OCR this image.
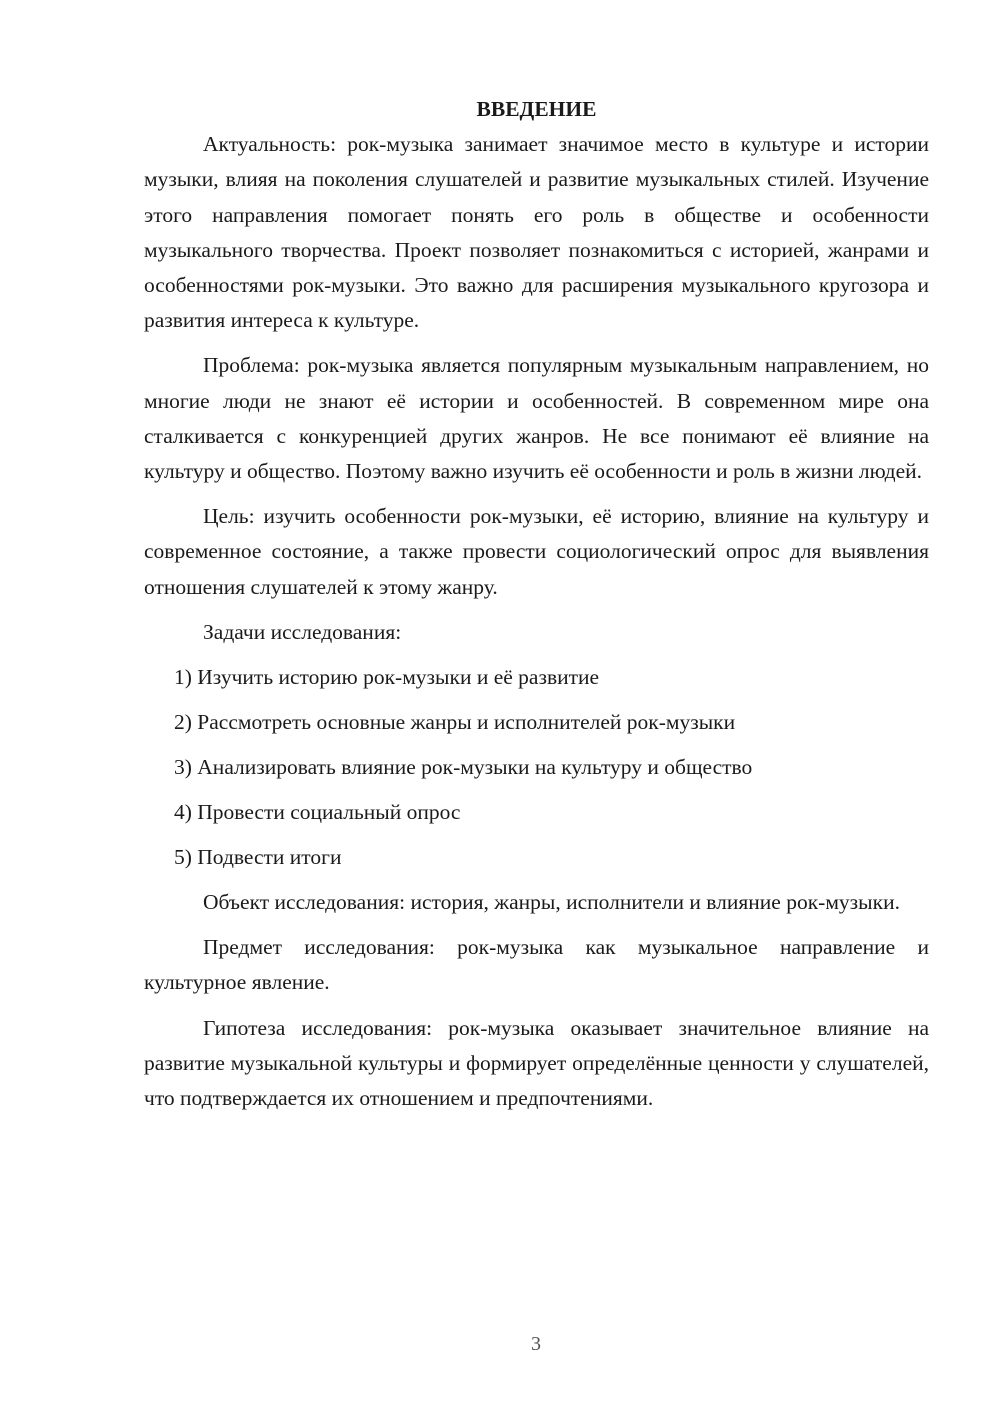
ВВЕДЕНИЕ

Актуальность: рок-музыка занимает значимое место в культуре и истории музыки, влияя на поколения слушателей и развитие музыкальных стилей. Изучение этого направления помогает понять его роль в обществе и особенности музыкального творчества. Проект позволяет познакомиться с историей, жанрами и особенностями рок-музыки. Это важно для расширения музыкального кругозора и развития интереса к культуре.

Проблема: рок-музыка является популярным музыкальным направлением, но многие люди не знают её истории и особенностей. В современном мире она сталкивается с конкуренцией других жанров. Не все понимают её влияние на культуру и общество. Поэтому важно изучить её особенности и роль в жизни людей.

Цель: изучить особенности рок-музыки, её историю, влияние на культуру и современное состояние, а также провести социологический опрос для выявления отношения слушателей к этому жанру.

Задачи исследования:

1) Изучить историю рок-музыки и её развитие
2) Рассмотреть основные жанры и исполнителей рок-музыки
3) Анализировать влияние рок-музыки на культуру и общество
4) Провести социальный опрос
5) Подвести итоги

Объект исследования: история, жанры, исполнители и влияние рок-музыки.

Предмет исследования: рок-музыка как музыкальное направление и культурное явление.

Гипотеза исследования: рок-музыка оказывает значительное влияние на развитие музыкальной культуры и формирует определённые ценности у слушателей, что подтверждается их отношением и предпочтениями.

3
